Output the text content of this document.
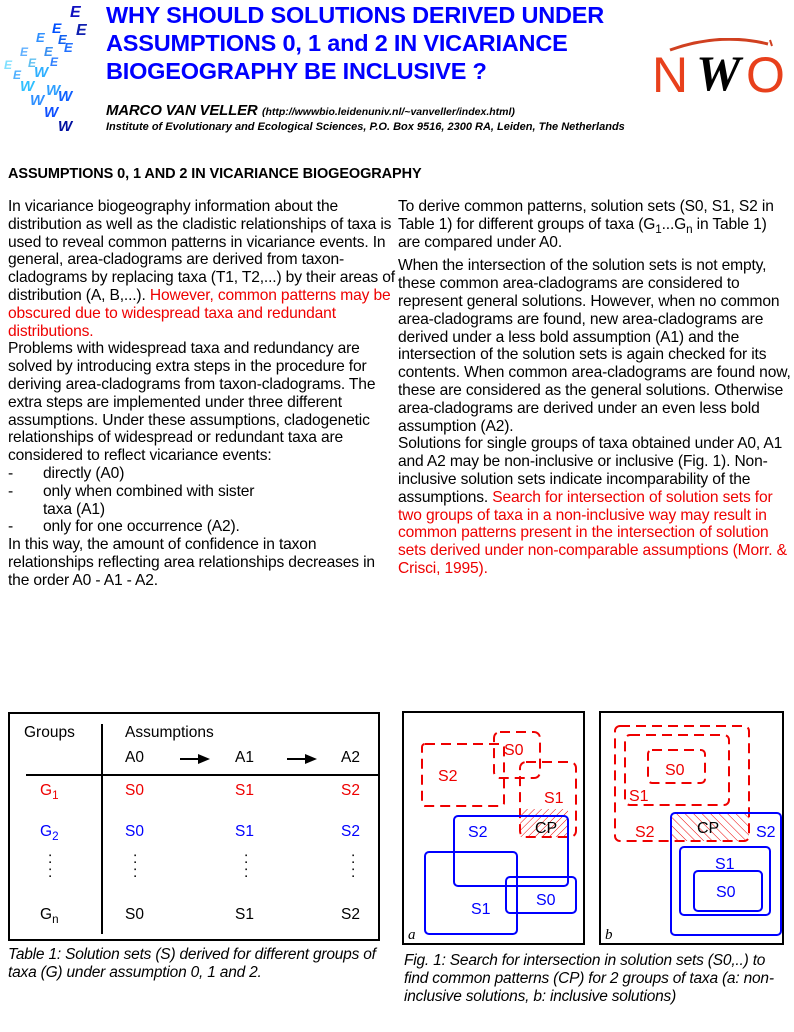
E
E
E
E
E
E
E
E
E
E
E
E W
W
W
W
W
W
W
WHY SHOULD SOLUTIONS DERIVED UNDER
ASSUMPTIONS 0, 1 and 2 IN VICARIANCE
BIOGEOGRAPHY BE INCLUSIVE ?	N W O
MARCO VAN VELLER (http://wwwbio.leidenuniv.nl/~vanveller/index.html)
Institute of Evolutionary and Ecological Sciences, P.O. Box 9516, 2300 RA, Leiden, The Netherlands
ASSUMPTIONS 0, 1 AND 2 IN VICARIANCE BIOGEOGRAPHY

In vicariance biogeography information about the distribution as well as the cladistic relationships of taxa is used to reveal common patterns in vicariance events. In general, area-cladograms are derived from taxon-cladograms by replacing taxa (T1, T2,...) by their areas of distribution (A, B,...). However, common patterns may be obscured due to widespread taxa and redundant distributions.

Problems with widespread taxa and redundancy are solved by introducing extra steps in the procedure for deriving area-cladograms from taxon-cladograms. The extra steps are implemented under three different assumptions. Under these assumptions, cladogenetic relationships of widespread or redundant taxa are considered to reflect vicariance events:

-	directly (A0)
-	only when combined with sister taxa (A1)
-	only for one occurrence (A2).

In this way, the amount of confidence in taxon relationships reflecting area relationships decreases in the order A0 - A1 - A2.

To derive common patterns, solution sets (S0, S1, S2 in Table 1) for different groups of taxa ($G_1...G_n$ in Table 1) are compared under A0.

When the intersection of the solution sets is not empty, these common area-cladograms are considered to represent general solutions. However, when no common area-cladograms are found, new area-cladograms are derived under a less bold assumption (A1) and the intersection of the solution sets is again checked for its contents. When common area-cladograms are found now, these are considered as the general solutions. Otherwise area-cladograms are derived under an even less bold assumption (A2).

Solutions for single groups of taxa obtained under A0, A1 and A2 may be non-inclusive or inclusive (Fig. 1). Non-inclusive solution sets indicate incomparability of the assumptions. Search for intersection of solution sets for two groups of taxa in a non-inclusive way may result in common patterns present in the intersection of solution sets derived under non-comparable assumptions (Morr. & Crisci, 1995).

Groups	Assumptions
A0	A1	A2
$G_1$	S0	S1	S2
$G_2$	S0	S1	S2
:
:
:
:
:
:
:
:
$G_n$	S0	S1	S2
Table 1: Solution sets (S) derived for different groups of taxa (G) under assumption 0, 1 and 2.
S2
S0
S1
S2
S1
S0
CP
a
S0
S1
S2	S2
S1
S0
CP
b
Fig. 1: Search for intersection in solution sets (S0,..) to find common patterns (CP) for 2 groups of taxa (a: non-inclusive solutions, b: inclusive solutions)
